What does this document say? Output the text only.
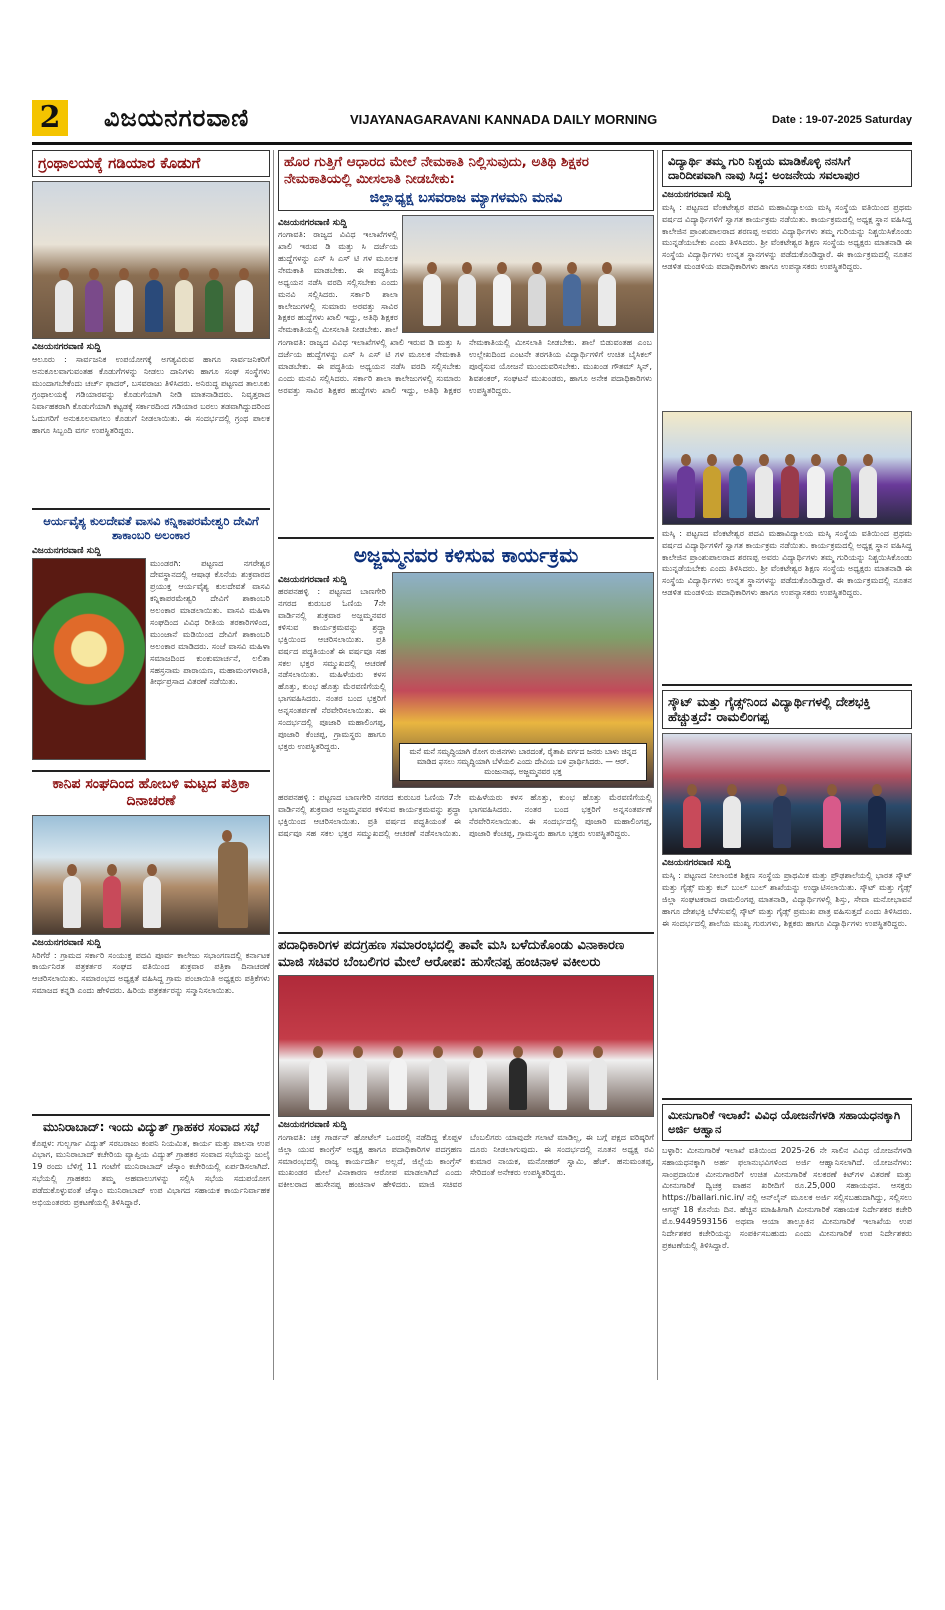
2	ವಿಜಯನಗರವಾಣಿ	VIJAYANAGARAVANI KANNADA DAILY MORNING	Date : 19-07-2025 Saturday
ಗ್ರಂಥಾಲಯಕ್ಕೆ ಗಡಿಯಾರ ಕೊಡುಗೆ
ವಿಜಯನಗರವಾಣಿ ಸುದ್ದಿ

ಆಲೂರು : ಸಾರ್ವಜನಿಕ ಉಪಯೋಗಕ್ಕೆ ಅಗತ್ಯವಿರುವ ಹಾಗೂ ಸಾರ್ವಜನಿಕರಿಗೆ ಅನುಕೂಲವಾಗುವಂತಹ ಕೊಡುಗೆಗಳನ್ನು ನೀಡಲು ದಾನಿಗಳು ಹಾಗೂ ಸಂಘ ಸಂಸ್ಥೆಗಳು ಮುಂದಾಗಬೇಕೆಂದು ಚರ್ಚ್ ಫಾದರ್, ಬಸವರಾಜು ತಿಳಿಸಿದರು. ಅನಿರುದ್ಧ ಪಟ್ಟಣದ ತಾಲೂಕು ಗ್ರಂಥಾಲಯಕ್ಕೆ ಗಡಿಯಾರವನ್ನು ಕೊಡುಗೆಯಾಗಿ ನೀಡಿ ಮಾತನಾಡಿದರು. ನಿವೃತ್ತರಾದ ನಿರ್ವಾಹಕರಾಗಿ ಕೊಡುಗೆಯಾಗಿ ಕಟ್ಟಡಕ್ಕೆ ಸರ್ಕಾರದಿಂದ ಗಡಿಯಾರ ಬರಲು ತಡವಾಗಿದ್ದುದರಿಂದ ಓದುಗರಿಗೆ ಅನುಕೂಲವಾಗಲು ಕೊಡುಗೆ ನೀಡಲಾಯಿತು. ಈ ಸಂದರ್ಭದಲ್ಲಿ ಗ್ರಂಥ ಪಾಲಕ ಹಾಗೂ ಸಿಬ್ಬಂದಿ ವರ್ಗ ಉಪಸ್ಥಿತರಿದ್ದರು.

ಆರ್ಯವೈಶ್ಯ ಕುಲದೇವತೆ ವಾಸವಿ ಕನ್ನಿಕಾಪರಮೇಶ್ವರಿ ದೇವಿಗೆ ಶಾಕಾಂಬರಿ ಅಲಂಕಾರ
ವಿಜಯನಗರವಾಣಿ ಸುದ್ದಿ

ಮುಂಡರಗಿ: ಪಟ್ಟಣದ ನಗರೇಶ್ವರ ದೇವಸ್ಥಾನದಲ್ಲಿ ಆಷಾಢ ಕೊನೆಯ ಶುಕ್ರವಾರದ ಪ್ರಯುಕ್ತ ಆರ್ಯವೈಶ್ಯ ಕುಲದೇವತೆ ವಾಸವಿ ಕನ್ನಿಕಾಪರಮೇಶ್ವರಿ ದೇವಿಗೆ ಶಾಕಾಂಬರಿ ಅಲಂಕಾರ ಮಾಡಲಾಯಿತು. ವಾಸವಿ ಮಹಿಳಾ ಸಂಘದಿಂದ ವಿವಿಧ ರೀತಿಯ ತರಕಾರಿಗಳಿಂದ, ಮುಂಜಾನೆ ಮಡಿಯಿಂದ ದೇವಿಗೆ ಶಾಕಾಂಬರಿ ಅಲಂಕಾರ ಮಾಡಿದರು. ಸಂಜೆ ವಾಸವಿ ಮಹಿಳಾ ಸಮಾಜದಿಂದ ಕುಂಕುಮಾರ್ಚನೆ, ಲಲಿತಾ ಸಹಸ್ರನಾಮ ಪಾರಾಯಣ, ಮಹಾಮಂಗಳಾರತಿ, ತೀರ್ಥಪ್ರಸಾದ ವಿತರಣೆ ನಡೆಯಿತು.

ಕಾನಿಪ ಸಂಘದಿಂದ ಹೋಬಳಿ ಮಟ್ಟದ ಪತ್ರಿಕಾ ದಿನಾಚರಣೆ
ವಿಜಯನಗರವಾಣಿ ಸುದ್ದಿ

ಸಿರಿಗೆರೆ : ಗ್ರಾಮದ ಸರ್ಕಾರಿ ಸಂಯುಕ್ತ ಪದವಿ ಪೂರ್ವ ಕಾಲೇಜು ಸಭಾಂಗಣದಲ್ಲಿ ಕರ್ನಾಟಕ ಕಾರ್ಯನಿರತ ಪತ್ರಕರ್ತರ ಸಂಘದ ವತಿಯಿಂದ ಶುಕ್ರವಾರ ಪತ್ರಿಕಾ ದಿನಾಚರಣೆ ಆಚರಿಸಲಾಯಿತು. ಸಮಾರಂಭದ ಅಧ್ಯಕ್ಷತೆ ವಹಿಸಿದ್ದ ಗ್ರಾಮ ಪಂಚಾಯಿತಿ ಅಧ್ಯಕ್ಷರು ಪತ್ರಿಕೆಗಳು ಸಮಾಜದ ಕನ್ನಡಿ ಎಂದು ಹೇಳಿದರು. ಹಿರಿಯ ಪತ್ರಕರ್ತರನ್ನು ಸನ್ಮಾನಿಸಲಾಯಿತು.

ಮುನಿರಾಬಾದ್: ಇಂದು ವಿದ್ಯುತ್ ಗ್ರಾಹಕರ ಸಂವಾದ ಸಭೆ

ಕೊಪ್ಪಳ: ಗುಲ್ಬರ್ಗಾ ವಿದ್ಯುತ್ ಸರಬರಾಜು ಕಂಪನಿ ನಿಯಮಿತ, ಕಾರ್ಯ ಮತ್ತು ಪಾಲನಾ ಉಪ ವಿಭಾಗ, ಮುನಿರಾಬಾದ್ ಕಚೇರಿಯ ವ್ಯಾಪ್ತಿಯ ವಿದ್ಯುತ್ ಗ್ರಾಹಕರ ಸಂವಾದ ಸಭೆಯನ್ನು ಜುಲೈ 19 ರಂದು ಬೆಳಿಗ್ಗೆ 11 ಗಂಟೆಗೆ ಮುನಿರಾಬಾದ್ ಜೆಸ್ಕಾಂ ಕಚೇರಿಯಲ್ಲಿ ಏರ್ಪಡಿಸಲಾಗಿದೆ. ಸಭೆಯಲ್ಲಿ ಗ್ರಾಹಕರು ತಮ್ಮ ಅಹವಾಲುಗಳನ್ನು ಸಲ್ಲಿಸಿ ಸಭೆಯ ಸದುಪಯೋಗ ಪಡೆದುಕೊಳ್ಳುವಂತೆ ಜೆಸ್ಕಾಂ ಮುನಿರಾಬಾದ್ ಉಪ ವಿಭಾಗದ ಸಹಾಯಕ ಕಾರ್ಯನಿರ್ವಾಹಕ ಅಭಿಯಂತರರು ಪ್ರಕಟಣೆಯಲ್ಲಿ ತಿಳಿಸಿದ್ದಾರೆ.

ಹೊರ ಗುತ್ತಿಗೆ ಆಧಾರದ ಮೇಲೆ ನೇಮಕಾತಿ ನಿಲ್ಲಿಸುವುದು, ಅತಿಥಿ ಶಿಕ್ಷಕರ ನೇಮಕಾತಿಯಲ್ಲಿ ಮೀಸಲಾತಿ ನೀಡಬೇಕು:
ಜಿಲ್ಲಾಧ್ಯಕ್ಷ ಬಸವರಾಜ ಮ್ಯಾಗಳಮನಿ ಮನವಿ
ವಿಜಯನಗರವಾಣಿ ಸುದ್ದಿ

ಗಂಗಾವತಿ: ರಾಜ್ಯದ ವಿವಿಧ ಇಲಾಖೆಗಳಲ್ಲಿ ಖಾಲಿ ಇರುವ ಡಿ ಮತ್ತು ಸಿ ದರ್ಜೆಯ ಹುದ್ದೆಗಳನ್ನು ಎಸ್ ಸಿ ಎಸ್ ಟಿ ಗಳ ಮೂಲಕ ನೇಮಕಾತಿ ಮಾಡಬೇಕು. ಈ ಪದ್ಧತಿಯ ಅಧ್ಯಯನ ನಡೆಸಿ ವರದಿ ಸಲ್ಲಿಸಬೇಕು ಎಂದು ಮನವಿ ಸಲ್ಲಿಸಿದರು. ಸರ್ಕಾರಿ ಶಾಲಾ ಕಾಲೇಜುಗಳಲ್ಲಿ ಸುಮಾರು ಅರವತ್ತು ಸಾವಿರ ಶಿಕ್ಷಕರ ಹುದ್ದೆಗಳು ಖಾಲಿ ಇದ್ದು, ಅತಿಥಿ ಶಿಕ್ಷಕರ ನೇಮಕಾತಿಯಲ್ಲಿ ಮೀಸಲಾತಿ ನೀಡಬೇಕು. ಶಾಲೆ

ಗಂಗಾವತಿ: ರಾಜ್ಯದ ವಿವಿಧ ಇಲಾಖೆಗಳಲ್ಲಿ ಖಾಲಿ ಇರುವ ಡಿ ಮತ್ತು ಸಿ ದರ್ಜೆಯ ಹುದ್ದೆಗಳನ್ನು ಎಸ್ ಸಿ ಎಸ್ ಟಿ ಗಳ ಮೂಲಕ ನೇಮಕಾತಿ ಮಾಡಬೇಕು. ಈ ಪದ್ಧತಿಯ ಅಧ್ಯಯನ ನಡೆಸಿ ವರದಿ ಸಲ್ಲಿಸಬೇಕು ಎಂದು ಮನವಿ ಸಲ್ಲಿಸಿದರು. ಸರ್ಕಾರಿ ಶಾಲಾ ಕಾಲೇಜುಗಳಲ್ಲಿ ಸುಮಾರು ಅರವತ್ತು ಸಾವಿರ ಶಿಕ್ಷಕರ ಹುದ್ದೆಗಳು ಖಾಲಿ ಇದ್ದು, ಅತಿಥಿ ಶಿಕ್ಷಕರ ನೇಮಕಾತಿಯಲ್ಲಿ ಮೀಸಲಾತಿ ನೀಡಬೇಕು. ಶಾಲೆ ಬಿಡುವಂತಹ ಎಂಬ ಉಲ್ಲೇಖದಿಂದ ಎಂಟನೇ ತರಗತಿಯ ವಿದ್ಯಾರ್ಥಿಗಳಿಗೆ ಉಚಿತ ಬೈಸಿಕಲ್ ಪೂರೈಸುವ ಯೋಜನೆ ಮುಂದುವರಿಸಬೇಕು. ಮುಖಂಡ ಗೌತಮ್ ಸ್ಕಿನ್, ಶಿವಶಂಕರ್, ಸಂಘಟನೆ ಮುಖಂಡರು, ಹಾಗೂ ಅನೇಕ ಪದಾಧಿಕಾರಿಗಳು ಉಪಸ್ಥಿತರಿದ್ದರು.

ಅಜ್ಜಮ್ಮನವರ ಕಳಿಸುವ ಕಾರ್ಯಕ್ರಮ
ವಿಜಯನಗರವಾಣಿ ಸುದ್ದಿ

ಹರಪನಹಳ್ಳಿ : ಪಟ್ಟಣದ ಬಾಣಗೇರಿ ನಗರದ ಕುರುಬರ ಓಣಿಯ 7ನೇ ವಾರ್ಡಿನಲ್ಲಿ ಶುಕ್ರವಾರ ಅಜ್ಜಮ್ಮನವರ ಕಳಿಸುವ ಕಾರ್ಯಕ್ರಮವನ್ನು ಶ್ರದ್ಧಾ ಭಕ್ತಿಯಿಂದ ಆಚರಿಸಲಾಯಿತು. ಪ್ರತಿ ವರ್ಷದ ಪದ್ಧತಿಯಂತೆ ಈ ವರ್ಷವೂ ಸಹ ಸಕಲ ಭಕ್ತರ ಸಮ್ಮುಖದಲ್ಲಿ ಆಚರಣೆ ನಡೆಸಲಾಯಿತು. ಮಹಿಳೆಯರು ಕಳಸ ಹೊತ್ತು, ಕುಂಭ ಹೊತ್ತು ಮೆರವಣಿಗೆಯಲ್ಲಿ ಭಾಗವಹಿಸಿದರು. ನಂತರ ಬಂದ ಭಕ್ತರಿಗೆ ಅನ್ನಸಂತರ್ಪಣೆ ನೆರವೇರಿಸಲಾಯಿತು. ಈ ಸಂದರ್ಭದಲ್ಲಿ ಪೂಜಾರಿ ಮಹಾಲಿಂಗಪ್ಪ, ಪೂಜಾರಿ ಕೆಂಚಪ್ಪ, ಗ್ರಾಮಸ್ಥರು ಹಾಗೂ ಭಕ್ತರು ಉಪಸ್ಥಿತರಿದ್ದರು.

ಮನೆ ಮನೆ ಸಮೃದ್ಧಿಯಾಗಿ ರೋಗ ರುಜಿನಗಳು ಬಾರದಂತೆ, ರೈತಾಪಿ ವರ್ಗದ ಜನರು ಬಾಳು ಚಿನ್ನದ ಮಾಡಿದ ಫಸಲು ಸಮೃದ್ಧಿಯಾಗಿ ಬೆಳೆಯಲಿ ಎಂದು ದೇವಿಯ ಬಳಿ ಪ್ರಾರ್ಥಿಸಿದರು. — ಆರ್. ಮಂಜುನಾಥ, ಅಜ್ಜಮ್ಮನವರ ಭಕ್ತ

ಹರಪನಹಳ್ಳಿ : ಪಟ್ಟಣದ ಬಾಣಗೇರಿ ನಗರದ ಕುರುಬರ ಓಣಿಯ 7ನೇ ವಾರ್ಡಿನಲ್ಲಿ ಶುಕ್ರವಾರ ಅಜ್ಜಮ್ಮನವರ ಕಳಿಸುವ ಕಾರ್ಯಕ್ರಮವನ್ನು ಶ್ರದ್ಧಾ ಭಕ್ತಿಯಿಂದ ಆಚರಿಸಲಾಯಿತು. ಪ್ರತಿ ವರ್ಷದ ಪದ್ಧತಿಯಂತೆ ಈ ವರ್ಷವೂ ಸಹ ಸಕಲ ಭಕ್ತರ ಸಮ್ಮುಖದಲ್ಲಿ ಆಚರಣೆ ನಡೆಸಲಾಯಿತು. ಮಹಿಳೆಯರು ಕಳಸ ಹೊತ್ತು, ಕುಂಭ ಹೊತ್ತು ಮೆರವಣಿಗೆಯಲ್ಲಿ ಭಾಗವಹಿಸಿದರು. ನಂತರ ಬಂದ ಭಕ್ತರಿಗೆ ಅನ್ನಸಂತರ್ಪಣೆ ನೆರವೇರಿಸಲಾಯಿತು. ಈ ಸಂದರ್ಭದಲ್ಲಿ ಪೂಜಾರಿ ಮಹಾಲಿಂಗಪ್ಪ, ಪೂಜಾರಿ ಕೆಂಚಪ್ಪ, ಗ್ರಾಮಸ್ಥರು ಹಾಗೂ ಭಕ್ತರು ಉಪಸ್ಥಿತರಿದ್ದರು.

ಪದಾಧಿಕಾರಿಗಳ ಪದಗ್ರಹಣ ಸಮಾರಂಭದಲ್ಲಿ ತಾವೇ ಮಸಿ ಬಳೆದುಕೊಂಡು ವಿನಾಕಾರಣ ಮಾಜಿ ಸಚಿವರ ಬೆಂಬಲಿಗರ ಮೇಲೆ ಆರೋಪ: ಹುಸೇನಪ್ಪ ಹಂಚಿನಾಳ ವಕೀಲರು
ವಿಜಯನಗರವಾಣಿ ಸುದ್ದಿ

ಗಂಗಾವತಿ: ಚಕ್ರ ಗಾರ್ಡನ್ ಹೋಟೆಲ್ ಒಂದರಲ್ಲಿ ನಡೆದಿದ್ದ ಕೊಪ್ಪಳ ಜಿಲ್ಲಾ ಯುವ ಕಾಂಗ್ರೆಸ್ ಅಧ್ಯಕ್ಷ ಹಾಗೂ ಪದಾಧಿಕಾರಿಗಳ ಪದಗ್ರಹಣ ಸಮಾರಂಭದಲ್ಲಿ ರಾಜ್ಯ ಕಾರ್ಯದರ್ಶಿ ಅಲ್ಲದೆ, ಜಿಲ್ಲೆಯ ಕಾಂಗ್ರೆಸ್ ಮುಖಂಡರ ಮೇಲೆ ವಿನಾಕಾರಣ ಆರೋಪ ಮಾಡಲಾಗಿದೆ ಎಂದು ವಕೀಲರಾದ ಹುಸೇನಪ್ಪ ಹಂಚಿನಾಳ ಹೇಳಿದರು. ಮಾಜಿ ಸಚಿವರ ಬೆಂಬಲಿಗರು ಯಾವುದೇ ಗಲಾಟೆ ಮಾಡಿಲ್ಲ, ಈ ಬಗ್ಗೆ ಪಕ್ಷದ ವರಿಷ್ಠರಿಗೆ ದೂರು ನೀಡಲಾಗುವುದು. ಈ ಸಂದರ್ಭದಲ್ಲಿ ನೂತನ ಅಧ್ಯಕ್ಷ ರವಿ ಕುಮಾರ ನಾಯಕ, ಮನೋಹರ್ ಸ್ವಾಮಿ, ಹೆಚ್. ಹನುಮಂತಪ್ಪ, ಸೇರಿದಂತೆ ಅನೇಕರು ಉಪಸ್ಥಿತರಿದ್ದರು.

ವಿದ್ಯಾರ್ಥಿ ತಮ್ಮ ಗುರಿ ನಿಶ್ಚಯ ಮಾಡಿಕೊಳ್ಳಿ ನನಸಿಗೆ ದಾರಿದೀಪವಾಗಿ ನಾವು ಸಿದ್ಧ: ಅಂಜನೇಯ ಸವಲಾಪುರ
ವಿಜಯನಗರವಾಣಿ ಸುದ್ದಿ

ಮಸ್ಕಿ : ಪಟ್ಟಣದ ವೆಂಕಟೇಶ್ವರ ಪದವಿ ಮಹಾವಿದ್ಯಾಲಯ ಮಸ್ಕಿ ಸಂಸ್ಥೆಯ ವತಿಯಿಂದ ಪ್ರಥಮ ವರ್ಷದ ವಿದ್ಯಾರ್ಥಿಗಳಿಗೆ ಸ್ವಾಗತ ಕಾರ್ಯಕ್ರಮ ನಡೆಯಿತು. ಕಾರ್ಯಕ್ರಮದಲ್ಲಿ ಅಧ್ಯಕ್ಷ ಸ್ಥಾನ ವಹಿಸಿದ್ದ ಕಾಲೇಜಿನ ಪ್ರಾಂಶುಪಾಲರಾದ ಶರಣಪ್ಪ ಅವರು ವಿದ್ಯಾರ್ಥಿಗಳು ತಮ್ಮ ಗುರಿಯನ್ನು ನಿಶ್ಚಯಿಸಿಕೊಂಡು ಮುನ್ನಡೆಯಬೇಕು ಎಂದು ತಿಳಿಸಿದರು. ಶ್ರೀ ವೆಂಕಟೇಶ್ವರ ಶಿಕ್ಷಣ ಸಂಸ್ಥೆಯ ಅಧ್ಯಕ್ಷರು ಮಾತನಾಡಿ ಈ ಸಂಸ್ಥೆಯ ವಿದ್ಯಾರ್ಥಿಗಳು ಉನ್ನತ ಸ್ಥಾನಗಳನ್ನು ಪಡೆದುಕೊಂಡಿದ್ದಾರೆ. ಈ ಕಾರ್ಯಕ್ರಮದಲ್ಲಿ ನೂತನ ಆಡಳಿತ ಮಂಡಳಿಯ ಪದಾಧಿಕಾರಿಗಳು ಹಾಗೂ ಉಪನ್ಯಾಸಕರು ಉಪಸ್ಥಿತರಿದ್ದರು.

ಮಸ್ಕಿ : ಪಟ್ಟಣದ ವೆಂಕಟೇಶ್ವರ ಪದವಿ ಮಹಾವಿದ್ಯಾಲಯ ಮಸ್ಕಿ ಸಂಸ್ಥೆಯ ವತಿಯಿಂದ ಪ್ರಥಮ ವರ್ಷದ ವಿದ್ಯಾರ್ಥಿಗಳಿಗೆ ಸ್ವಾಗತ ಕಾರ್ಯಕ್ರಮ ನಡೆಯಿತು. ಕಾರ್ಯಕ್ರಮದಲ್ಲಿ ಅಧ್ಯಕ್ಷ ಸ್ಥಾನ ವಹಿಸಿದ್ದ ಕಾಲೇಜಿನ ಪ್ರಾಂಶುಪಾಲರಾದ ಶರಣಪ್ಪ ಅವರು ವಿದ್ಯಾರ್ಥಿಗಳು ತಮ್ಮ ಗುರಿಯನ್ನು ನಿಶ್ಚಯಿಸಿಕೊಂಡು ಮುನ್ನಡೆಯಬೇಕು ಎಂದು ತಿಳಿಸಿದರು. ಶ್ರೀ ವೆಂಕಟೇಶ್ವರ ಶಿಕ್ಷಣ ಸಂಸ್ಥೆಯ ಅಧ್ಯಕ್ಷರು ಮಾತನಾಡಿ ಈ ಸಂಸ್ಥೆಯ ವಿದ್ಯಾರ್ಥಿಗಳು ಉನ್ನತ ಸ್ಥಾನಗಳನ್ನು ಪಡೆದುಕೊಂಡಿದ್ದಾರೆ. ಈ ಕಾರ್ಯಕ್ರಮದಲ್ಲಿ ನೂತನ ಆಡಳಿತ ಮಂಡಳಿಯ ಪದಾಧಿಕಾರಿಗಳು ಹಾಗೂ ಉಪನ್ಯಾಸಕರು ಉಪಸ್ಥಿತರಿದ್ದರು.

ಸ್ಕೌಟ್ ಮತ್ತು ಗೈಡ್ಸ್‌ನಿಂದ ವಿದ್ಯಾರ್ಥಿಗಳಲ್ಲಿ ದೇಶಭಕ್ತಿ ಹೆಚ್ಚುತ್ತದೆ: ರಾಮಲಿಂಗಪ್ಪ
ವಿಜಯನಗರವಾಣಿ ಸುದ್ದಿ

ಮಸ್ಕಿ : ಪಟ್ಟಣದ ನೀಲಾಂಬಿಕ ಶಿಕ್ಷಣ ಸಂಸ್ಥೆಯ ಪ್ರಾಥಮಿಕ ಮತ್ತು ಪ್ರೌಢಶಾಲೆಯಲ್ಲಿ ಭಾರತ ಸ್ಕೌಟ್ ಮತ್ತು ಗೈಡ್ಸ್ ಮತ್ತು ಕಬ್ ಬುಲ್ ಬುಲ್ ಶಾಖೆಯನ್ನು ಉದ್ಘಾಟಿಸಲಾಯಿತು. ಸ್ಕೌಟ್ ಮತ್ತು ಗೈಡ್ಸ್ ಜಿಲ್ಲಾ ಸಂಘಟಕರಾದ ರಾಮಲಿಂಗಪ್ಪ ಮಾತನಾಡಿ, ವಿದ್ಯಾರ್ಥಿಗಳಲ್ಲಿ ಶಿಸ್ತು, ಸೇವಾ ಮನೋಭಾವನೆ ಹಾಗೂ ದೇಶಭಕ್ತಿ ಬೆಳೆಸುವಲ್ಲಿ ಸ್ಕೌಟ್ ಮತ್ತು ಗೈಡ್ಸ್ ಪ್ರಮುಖ ಪಾತ್ರ ವಹಿಸುತ್ತದೆ ಎಂದು ತಿಳಿಸಿದರು. ಈ ಸಂದರ್ಭದಲ್ಲಿ ಶಾಲೆಯ ಮುಖ್ಯ ಗುರುಗಳು, ಶಿಕ್ಷಕರು ಹಾಗೂ ವಿದ್ಯಾರ್ಥಿಗಳು ಉಪಸ್ಥಿತರಿದ್ದರು.

ಮೀನುಗಾರಿಕೆ ಇಲಾಖೆ: ವಿವಿಧ ಯೋಜನೆಗಳಡಿ ಸಹಾಯಧನಕ್ಕಾಗಿ ಅರ್ಜಿ ಆಹ್ವಾನ

ಬಳ್ಳಾರಿ: ಮೀನುಗಾರಿಕೆ ಇಲಾಖೆ ವತಿಯಿಂದ 2025-26 ನೇ ಸಾಲಿನ ವಿವಿಧ ಯೋಜನೆಗಳಡಿ ಸಹಾಯಧನಕ್ಕಾಗಿ ಅರ್ಹ ಫಲಾನುಭವಿಗಳಿಂದ ಅರ್ಜಿ ಆಹ್ವಾನಿಸಲಾಗಿದೆ. ಯೋಜನೆಗಳು: ಸಾಂಪ್ರದಾಯಿಕ ಮೀನುಗಾರರಿಗೆ ಉಚಿತ ಮೀನುಗಾರಿಕೆ ಸಲಕರಣೆ ಕಿಟ್‌ಗಳ ವಿತರಣೆ ಮತ್ತು ಮೀನುಗಾರಿಕೆ ದ್ವಿಚಕ್ರ ವಾಹನ ಖರೀದಿಗೆ ರೂ.25,000 ಸಹಾಯಧನ. ಆಸಕ್ತರು https://ballari.nic.in/ ನಲ್ಲಿ ಆನ್‌ಲೈನ್ ಮೂಲಕ ಅರ್ಜಿ ಸಲ್ಲಿಸಬಹುದಾಗಿದ್ದು, ಸಲ್ಲಿಸಲು ಆಗಸ್ಟ್ 18 ಕೊನೆಯ ದಿನ. ಹೆಚ್ಚಿನ ಮಾಹಿತಿಗಾಗಿ ಮೀನುಗಾರಿಕೆ ಸಹಾಯಕ ನಿರ್ದೇಶಕರ ಕಚೇರಿ ಮೊ.9449593156 ಅಥವಾ ಆಯಾ ತಾಲ್ಲೂಕಿನ ಮೀನುಗಾರಿಕೆ ಇಲಾಖೆಯ ಉಪ ನಿರ್ದೇಶಕರ ಕಚೇರಿಯನ್ನು ಸಂಪರ್ಕಿಸಬಹುದು ಎಂದು ಮೀನುಗಾರಿಕೆ ಉಪ ನಿರ್ದೇಶಕರು ಪ್ರಕಟಣೆಯಲ್ಲಿ ತಿಳಿಸಿದ್ದಾರೆ.
